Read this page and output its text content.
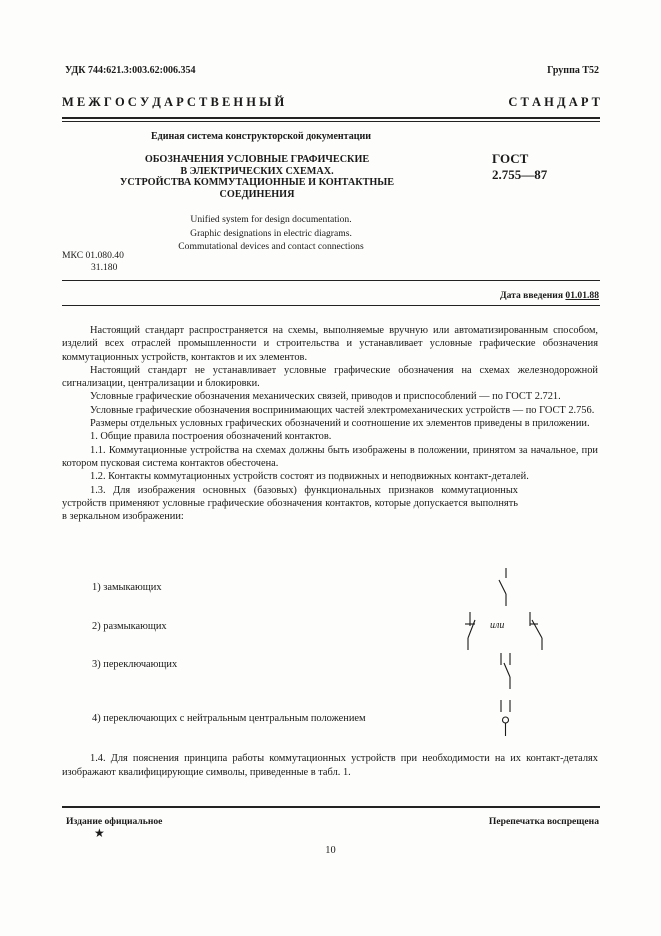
УДК 744:621.3:003.62:006.354	Группа Т52
М Е Ж Г О С У Д А Р С Т В Е Н Н Ы Й	С Т А Н Д А Р Т
Единая система конструкторской документации
ОБОЗНАЧЕНИЯ УСЛОВНЫЕ ГРАФИЧЕСКИЕ
В ЭЛЕКТРИЧЕСКИХ СХЕМАХ.
УСТРОЙСТВА КОММУТАЦИОННЫЕ И КОНТАКТНЫЕ
СОЕДИНЕНИЯ
ГОСТ
2.755—87
Unified system for design documentation.
Graphic designations in electric diagrams.
Commutational devices and contact connections
МКС 01.080.40
31.180
Дата введения 01.01.88

Настоящий стандарт распространяется на схемы, выполняемые вручную или автоматизированным способом, изделий всех отраслей промышленности и строительства и устанавливает условные графические обозначения коммутационных устройств, контактов и их элементов.

Настоящий стандарт не устанавливает условные графические обозначения на схемах железнодорожной сигнализации, централизации и блокировки.

Условные графические обозначения механических связей, приводов и приспособлений — по ГОСТ 2.721.

Условные графические обозначения воспринимающих частей электромеханических устройств — по ГОСТ 2.756.

Размеры отдельных условных графических обозначений и соотношение их элементов приведены в приложении.

1. Общие правила построения обозначений контактов.

1.1. Коммутационные устройства на схемах должны быть изображены в положении, принятом за начальное, при котором пусковая система контактов обесточена.

1.2. Контакты коммутационных устройств состоят из подвижных и неподвижных контакт-деталей.

1.3. Для изображения основных (базовых) функциональных признаков коммутационных устройств применяют условные графические обозначения контактов, которые допускается выполнять в зеркальном изображении:

1) замыкающих
2) размыкающих
3) переключающих
4) переключающих с нейтральным центральным положением
или

1.4. Для пояснения принципа работы коммутационных устройств при необходимости на их контакт-деталях изображают квалифицирующие символы, приведенные в табл. 1.

Издание официальное	Перепечатка воспрещена
★
10
